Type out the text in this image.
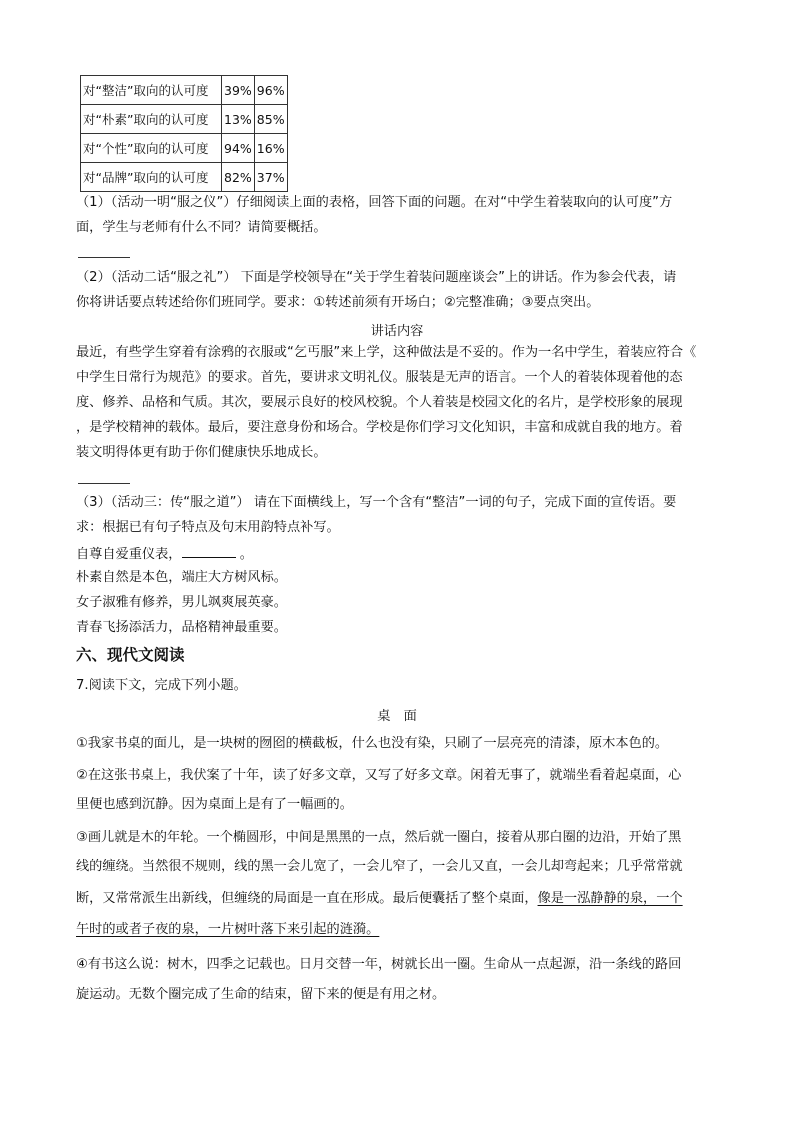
对“整洁”取向的认可度	39%	96%
对“朴素”取向的认可度	13%	85%
对“个性”取向的认可度	94%	16%
对“品牌”取向的认可度	82%	37%
（1）（活动一明“服之仪”）仔细阅读上面的表格，回答下面的问题。在对“中学生着装取向的认可度”方
面，学生与老师有什么不同？请简要概括。
（2）（活动二话“服之礼”） 下面是学校领导在“关于学生着装问题座谈会”上的讲话。作为参会代表，请
你将讲话要点转述给你们班同学。要求：①转述前须有开场白；②完整准确；③要点突出。
讲话内容
最近，有些学生穿着有涂鸦的衣服或“乞丐服”来上学，这种做法是不妥的。作为一名中学生，着装应符合《
中学生日常行为规范》的要求。首先，要讲求文明礼仪。服装是无声的语言。一个人的着装体现着他的态
度、修养、品格和气质。其次，要展示良好的校风校貌。个人着装是校园文化的名片，是学校形象的展现
，是学校精神的载体。最后，要注意身份和场合。学校是你们学习文化知识，丰富和成就自我的地方。着
装文明得体更有助于你们健康快乐地成长。
（3）（活动三：传“服之道”） 请在下面横线上，写一个含有“整洁”一词的句子，完成下面的宣传语。要
求：根据已有句子特点及句末用韵特点补写。
自尊自爱重仪表，	。
朴素自然是本色，端庄大方树风标。
女子淑雅有修养，男儿飒爽展英豪。
青春飞扬添活力，品格精神最重要。
六、现代文阅读
7.阅读下文，完成下列小题。
桌　面
①我家书桌的面儿，是一块树的囫囵的横截板，什么也没有染，只刷了一层亮亮的清漆，原木本色的。
②在这张书桌上，我伏案了十年，读了好多文章，又写了好多文章。闲着无事了，就端坐看着起桌面，心
里便也感到沉静。因为桌面上是有了一幅画的。
③画儿就是木的年轮。一个椭圆形，中间是黑黑的一点，然后就一圈白，接着从那白圈的边沿，开始了黑
线的缠绕。当然很不规则，线的黑一会儿宽了，一会儿窄了，一会儿又直，一会儿却弯起来；几乎常常就
断，又常常派生出新线，但缠绕的局面是一直在形成。最后便囊括了整个桌面，像是一泓静静的泉，一个
午时的或者子夜的泉，一片树叶落下来引起的涟漪。
④有书这么说：树木，四季之记载也。日月交替一年，树就长出一圈。生命从一点起源，沿一条线的路回
旋运动。无数个圈完成了生命的结束，留下来的便是有用之材。
